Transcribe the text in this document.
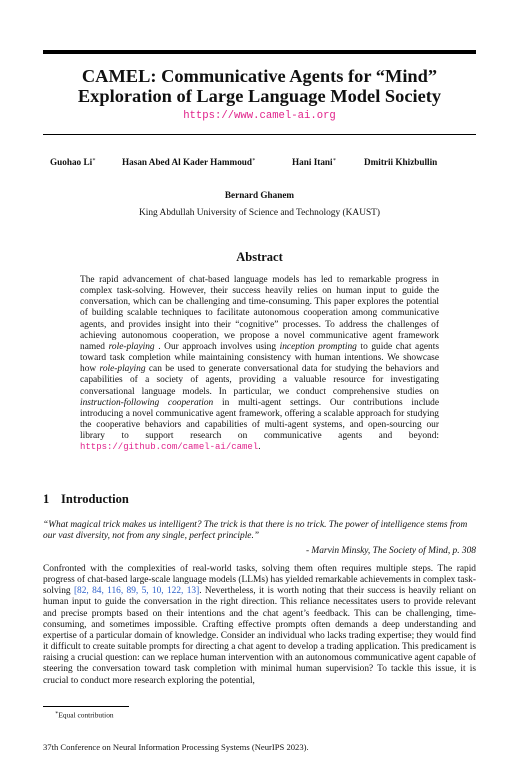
CAMEL: Communicative Agents for “Mind”
Exploration of Large Language Model Society
https://www.camel-ai.org
Guohao Li∗	Hasan Abed Al Kader Hammoud∗	Hani Itani∗	Dmitrii Khizbullin
Bernard Ghanem
King Abdullah University of Science and Technology (KAUST)
Abstract

The rapid advancement of chat-based language models has led to remarkable progress in complex task-solving. However, their success heavily relies on human input to guide the conversation, which can be challenging and time-consuming. This paper explores the potential of building scalable techniques to facilitate autonomous cooperation among communicative agents, and provides insight into their “cognitive” processes. To address the challenges of achieving autonomous cooperation, we propose a novel communicative agent framework named role-playing . Our approach involves using inception prompting to guide chat agents toward task completion while maintaining consistency with human intentions. We showcase how role-playing can be used to generate conversational data for studying the behaviors and capabilities of a society of agents, providing a valuable resource for investigating conversational language models. In particular, we conduct comprehensive studies on instruction-following cooperation in multi-agent settings. Our contributions include introducing a novel communicative agent framework, offering a scalable approach for studying the cooperative behaviors and capabilities of multi-agent systems, and open-sourcing our library to support research on communicative agents and beyond: https://github.com/camel-ai/camel.

1 Introduction
“What magical trick makes us intelligent? The trick is that there is no trick. The power of intelligence stems from our vast diversity, not from any single, perfect principle.”
- Marvin Minsky, The Society of Mind, p. 308

Confronted with the complexities of real-world tasks, solving them often requires multiple steps. The rapid progress of chat-based large-scale language models (LLMs) has yielded remarkable achievements in complex task-solving [82, 84, 116, 89, 5, 10, 122, 13]. Nevertheless, it is worth noting that their success is heavily reliant on human input to guide the conversation in the right direction. This reliance necessitates users to provide relevant and precise prompts based on their intentions and the chat agent’s feedback. This can be challenging, time-consuming, and sometimes impossible. Crafting effective prompts often demands a deep understanding and expertise of a particular domain of knowledge. Consider an individual who lacks trading expertise; they would find it difficult to create suitable prompts for directing a chat agent to develop a trading application. This predicament is raising a crucial question: can we replace human intervention with an autonomous communicative agent capable of steering the conversation toward task completion with minimal human supervision? To tackle this issue, it is crucial to conduct more research exploring the potential,

∗Equal contribution
37th Conference on Neural Information Processing Systems (NeurIPS 2023).
